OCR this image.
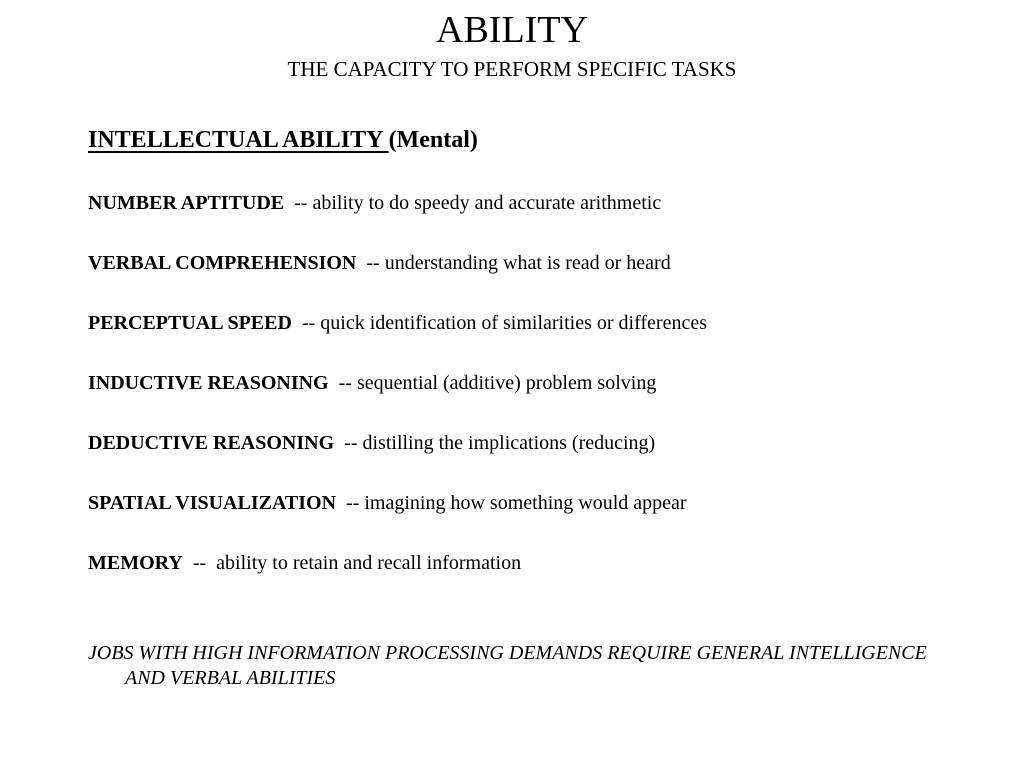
ABILITY
THE CAPACITY TO PERFORM SPECIFIC TASKS
INTELLECTUAL ABILITY (Mental)
NUMBER APTITUDE  -- ability to do speedy and accurate arithmetic
VERBAL COMPREHENSION  -- understanding what is read or heard
PERCEPTUAL SPEED  -- quick identification of similarities or differences
INDUCTIVE REASONING  -- sequential (additive) problem solving
DEDUCTIVE REASONING  -- distilling the implications (reducing)
SPATIAL VISUALIZATION  -- imagining how something would appear
MEMORY  --  ability to retain and recall information
JOBS WITH HIGH INFORMATION PROCESSING DEMANDS REQUIRE GENERAL INTELLIGENCE AND VERBAL ABILITIES
